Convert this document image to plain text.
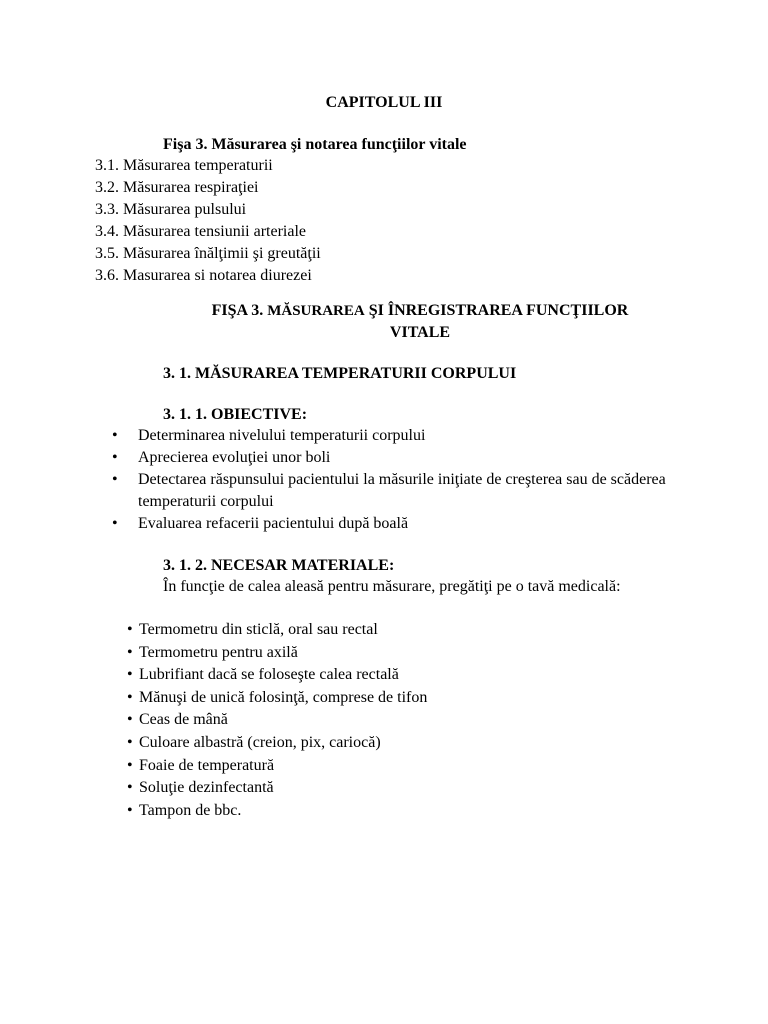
CAPITOLUL III
Fişa 3. Măsurarea şi notarea funcţiilor vitale
3.1. Măsurarea temperaturii
3.2. Măsurarea respiraţiei
3.3. Măsurarea pulsului
3.4. Măsurarea tensiunii arteriale
3.5. Măsurarea înălţimii şi greutăţii
3.6. Masurarea si notarea diurezei
FIŞA 3. MĂSURAREA ŞI ÎNREGISTRAREA FUNCŢIILOR
VITALE
3. 1. MĂSURAREA TEMPERATURII CORPULUI
3. 1. 1. OBIECTIVE:
• Determinarea nivelului temperaturii corpului
• Aprecierea evoluţiei unor boli
• Detectarea răspunsului pacientului la măsurile iniţiate de creşterea sau de scăderea temperaturii corpului
• Evaluarea refacerii pacientului după boală
3. 1. 2. NECESAR MATERIALE:
În funcţie de calea aleasă pentru măsurare, pregătiţi pe o tavă medicală:
• Termometru din sticlă, oral sau rectal
• Termometru pentru axilă
• Lubrifiant dacă se foloseşte calea rectală
• Mănuşi de unică folosinţă, comprese de tifon
• Ceas de mână
• Culoare albastră (creion, pix, cariocă)
• Foaie de temperatură
• Soluţie dezinfectantă
• Tampon de bbc.
